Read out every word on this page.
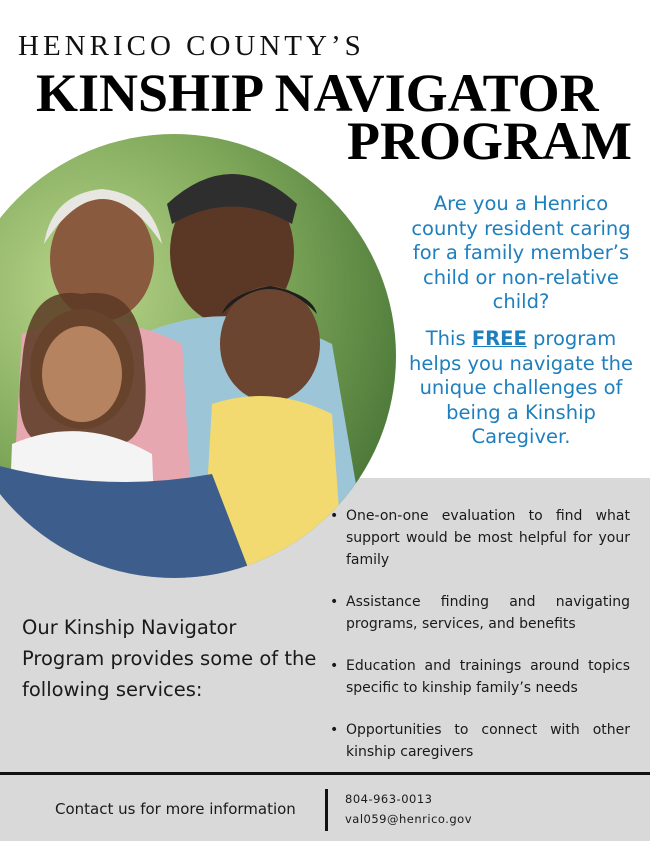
HENRICO COUNTY’S
KINSHIP NAVIGATOR
PROGRAM
Are you a Henrico county resident caring for a family member’s child or non-relative child?
This FREE program helps you navigate the unique challenges of being a Kinship Caregiver.
• One-on-one evaluation to find what support would be most helpful for your family
• Assistance finding and navigating programs, services, and benefits
• Education and trainings around topics specific to kinship family’s needs
• Opportunities to connect with other kinship caregivers
Our Kinship Navigator Program provides some of the following services:
Contact us for more information
804-963-0013
val059@henrico.gov
